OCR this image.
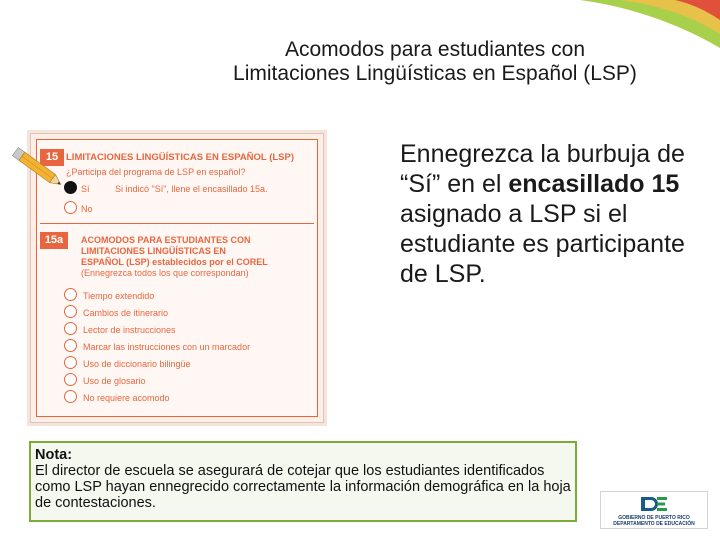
Acomodos para estudiantes con
Limitaciones Lingüísticas en Español (LSP)
15 LIMITACIONES LINGÜÍSTICAS EN ESPAÑOL (LSP)
¿Participa del programa de LSP en español?
Sí	Si indicó "Sí", llene el encasillado 15a.
No
15a	ACOMODOS PARA ESTUDIANTES CON
LIMITACIONES LINGÜÍSTICAS EN
ESPAÑOL (LSP) establecidos por el COREL
(Ennegrezca todos los que correspondan)
Tiempo extendido
Cambios de itinerario
Lector de instrucciones
Marcar las instrucciones con un marcador
Uso de diccionario bilingüe
Uso de glosario
No requiere acomodo
Ennegrezca la burbuja de “Sí” en el encasillado 15 asignado a LSP si el estudiante es participante de LSP.
Nota:
El director de escuela se asegurará de cotejar que los estudiantes identificados como LSP hayan ennegrecido correctamente la información demográfica en la hoja de contestaciones.
GOBIERNO DE PUERTO RICO
DEPARTAMENTO DE EDUCACIÓN
